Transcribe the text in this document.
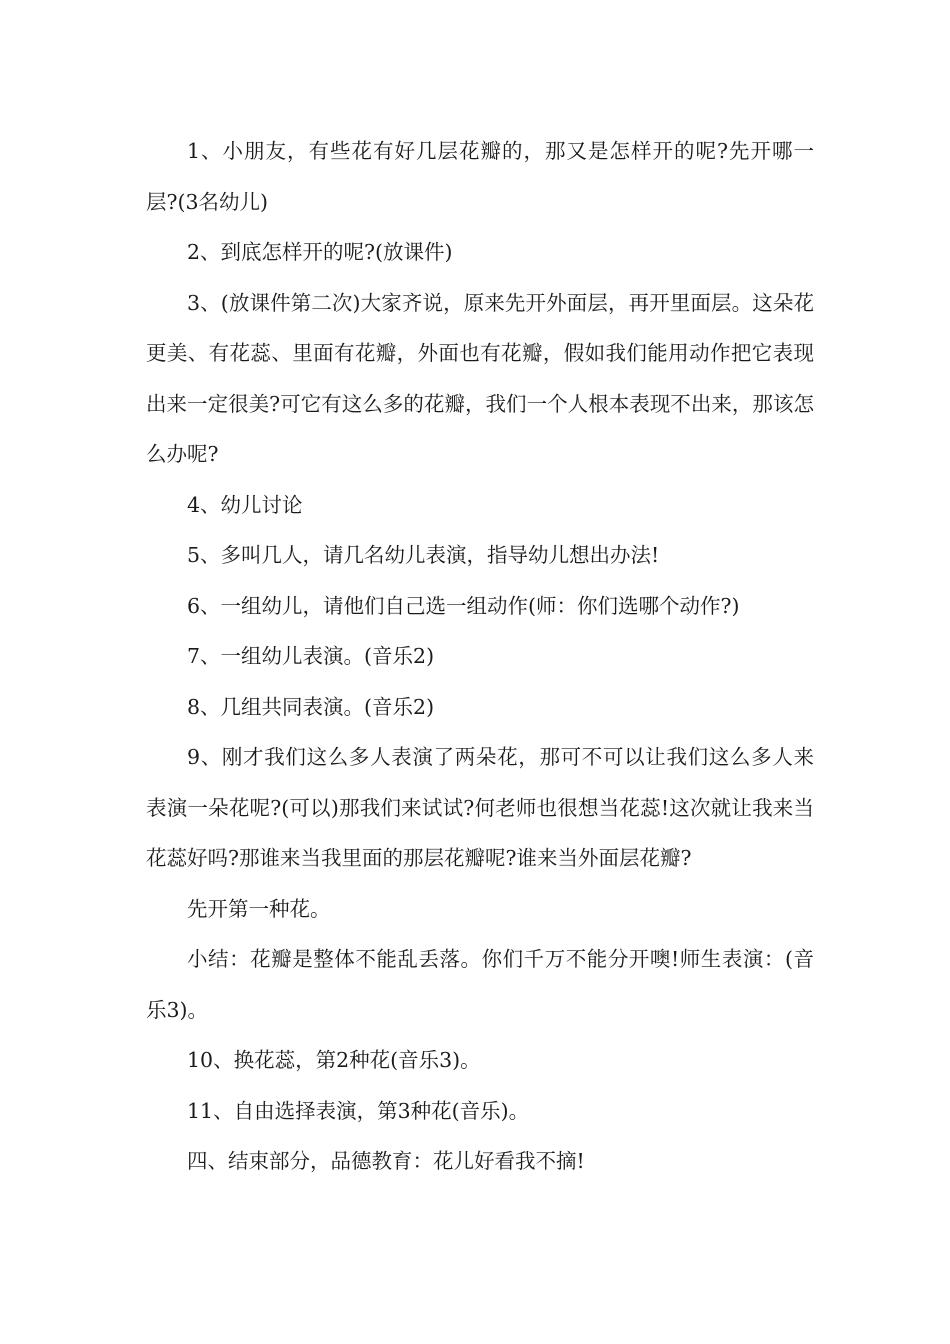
1、小朋友，有些花有好几层花瓣的，那又是怎样开的呢?先开哪一层?(3名幼儿)

2、到底怎样开的呢?(放课件)

3、(放课件第二次)大家齐说，原来先开外面层，再开里面层。这朵花更美、有花蕊、里面有花瓣，外面也有花瓣，假如我们能用动作把它表现出来一定很美?可它有这么多的花瓣，我们一个人根本表现不出来，那该怎么办呢?

4、幼儿讨论

5、多叫几人，请几名幼儿表演，指导幼儿想出办法!

6、一组幼儿，请他们自己选一组动作(师：你们选哪个动作?)

7、一组幼儿表演。(音乐2)

8、几组共同表演。(音乐2)

9、刚才我们这么多人表演了两朵花，那可不可以让我们这么多人来表演一朵花呢?(可以)那我们来试试?何老师也很想当花蕊!这次就让我来当花蕊好吗?那谁来当我里面的那层花瓣呢?谁来当外面层花瓣?

先开第一种花。

小结：花瓣是整体不能乱丢落。你们千万不能分开噢!师生表演：(音乐3)。

10、换花蕊，第2种花(音乐3)。

11、自由选择表演，第3种花(音乐)。

四、结束部分，品德教育：花儿好看我不摘!
